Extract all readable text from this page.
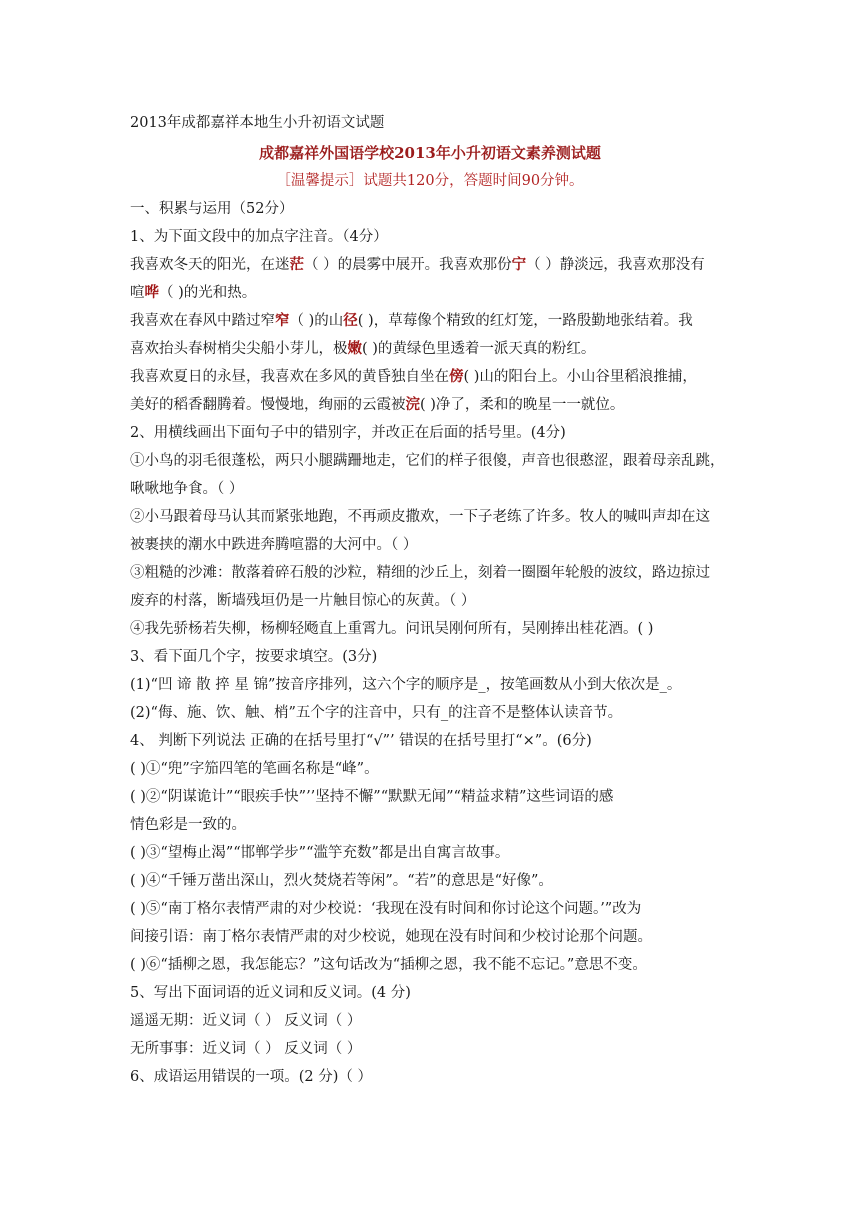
2013年成都嘉祥本地生小升初语文试题
成都嘉祥外国语学校2013年小升初语文素养测试题
［温馨提示］试题共120分，答题时间90分钟。
一、积累与运用（52分）
1、为下面文段中的加点字注音。（4分）
我喜欢冬天的阳光，在迷茫（ ）的晨雾中展开。我喜欢那份宁（ ）静淡远，我喜欢那没有
喧哗（ )的光和热。
我喜欢在春风中踏过窄窄（ )的山径( )，草莓像个精致的红灯笼，一路殷勤地张结着。我
喜欢抬头春树梢尖尖船小芽儿，极嫩( )的黄绿色里透着一派天真的粉红。
我喜欢夏日的永昼，我喜欢在多风的黄昏独自坐在傍( )山的阳台上。小山谷里稻浪推捕，
美好的稻香翻腾着。慢慢地，绚丽的云霞被浣( )净了，柔和的晚星一一就位。
2、用横线画出下面句子中的错别字，并改正在后面的括号里。(4分)
①小鸟的羽毛很蓬松，两只小腿蹒跚地走，它们的样子很傻，声音也很憨涩，跟着母亲乱跳，
啾啾地争食。（ ）
②小马跟着母马认其而紧张地跑，不再顽皮撒欢，一下子老练了许多。牧人的喊叫声却在这
被裹挟的潮水中跌进奔腾喧嚣的大河中。（ ）
③粗糙的沙滩：散落着碎石般的沙粒，精细的沙丘上，刻着一圈圈年轮般的波纹，路边掠过
废弃的村落，断墙残垣仍是一片触目惊心的灰黄。（ ）
④我先骄杨若失柳，杨柳轻飏直上重霄九。问讯吴刚何所有，吴刚捧出桂花酒。( )
3、看下面几个字，按要求填空。(3分)
(1)“凹 谛 散 捽 星 锦”按音序排列，这六个字的顺序是_，按笔画数从小到大依次是_。
(2)“侮、施、饮、触、梢”五个字的注音中，只有_的注音不是整体认读音节。
4、 判断下列说法 正确的在括号里打“√”’ 错误的在括号里打“×”。(6分)
( )①“兜”字笳四笔的笔画名称是“峰”。
( )②“阴谋诡计”“眼疾手快”’’坚持不懈”“默默无闻”“精益求精”这些词语的感
情色彩是一致的。
( )③“望梅止渴”“邯郸学步”“滥竽充数”都是出自寓言故事。
( )④“千锤万凿出深山，烈火焚烧若等闲”。“若”的意思是“好像”。
( )⑤“南丁格尔表情严肃的对少校说：‘我现在没有时间和你讨论这个问题。’”改为
间接引语：南丁格尔表情严肃的对少校说，她现在没有时间和少校讨论那个问题。
( )⑥“插柳之恩，我怎能忘？”这句话改为“插柳之恩，我不能不忘记。”意思不变。
5、写出下面词语的近义词和反义词。(4 分)
遥遥无期：近义词（ ） 反义词（ ）
无所事事：近义词（ ） 反义词（ ）
6、成语运用错误的一项。(2 分)（ ）
